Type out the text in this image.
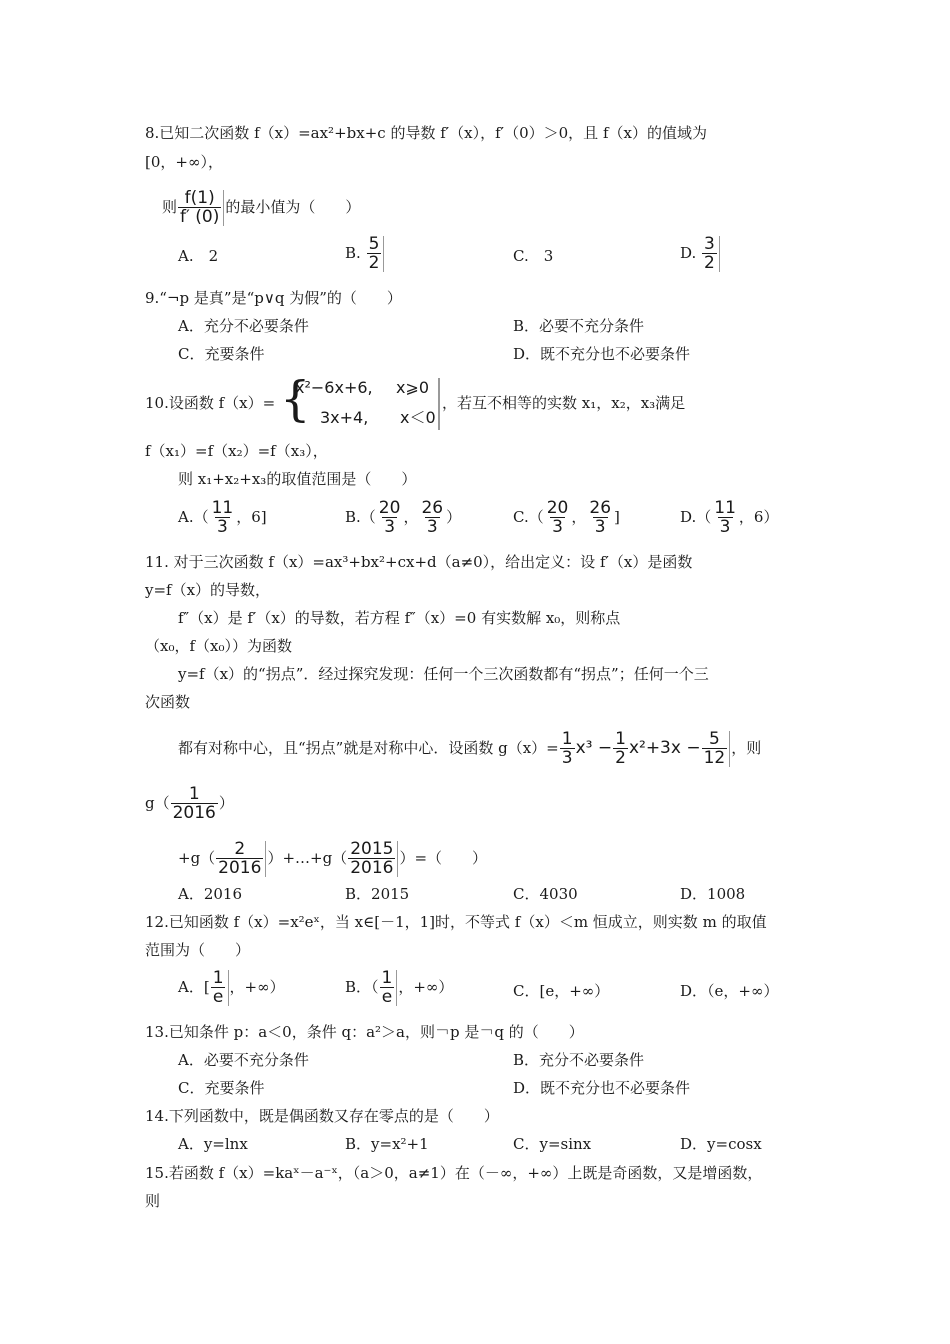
8.已知二次函数 f（x）=ax²+bx+c 的导数 f′（x），f′（0）＞0，且 f（x）的值域为
[0，+∞），
则 $\frac{f(1)}{f' (0)}$ 的最小值为（　　）
A.　2	B. $\frac{5}{2}$	C.　3	D. $\frac{3}{2}$
9.“¬p 是真”是“p∨q 为假”的（　　）
A．充分不必要条件	B．必要不充分条件
C．充要条件	D．既不充分也不必要条件
10.设函数 f（x）= {
x²−6x+6, x⩾0
3x+4, x＜0
，若互不相等的实数 x₁，x₂，x₃满足
f（x₁）=f（x₂）=f（x₃），
则 x₁+x₂+x₃的取值范围是（　　）
$A.( \frac{11}{3}$ ，6]	$B.( \frac{20}{3}$ ， $\frac{26}{3}$ ）	$C.( \frac{20}{3}$ ， $\frac{26}{3}$ ]	$D.( \frac{11}{3}$ ，6）
11. 对于三次函数 f（x）=ax³+bx²+cx+d（a≠0），给出定义：设 f′（x）是函数
y=f（x）的导数，
f″（x）是 f′（x）的导数，若方程 f″（x）=0 有实数解 x₀，则称点
（x₀，f（x₀））为函数
y=f（x）的“拐点”．经过探究发现：任何一个三次函数都有“拐点”；任何一个三
次函数
都有对称中心，且“拐点”就是对称中心．设函数 $g(x)= \frac{1}{3} x^3 - \frac{1}{2} x^2+3x - \frac{5}{12}$ ，则
$g( \frac{1}{2016}$ ）
$+g( \frac{2}{2016}$ ）+…+g（ $\frac{2015}{2016}$ ）=（　　）
A．2016	B．2015	C．4030	D．1008
12.已知函数 f（x）=x²eˣ，当 x∈[－1，1]时，不等式 f（x）＜m 恒成立，则实数 m 的取值
范围为（　　）
A．[ $\frac{1}{e}$ ，+∞）	B．（ $\frac{1}{e}$ ，+∞）	C．[e，+∞）	D．（e，+∞）
13.已知条件 p：a＜0，条件 q：a²＞a，则￢p 是￢q 的（　　）
A．必要不充分条件	B．充分不必要条件
C．充要条件	D．既不充分也不必要条件
14.下列函数中，既是偶函数又存在零点的是（　　）
A．y=lnx	B．y=x²+1	C．y=sinx	D．y=cosx
15.若函数 f（x）=kaˣ－a⁻ˣ，（a＞0，a≠1）在（－∞，+∞）上既是奇函数，又是增函数，
则
